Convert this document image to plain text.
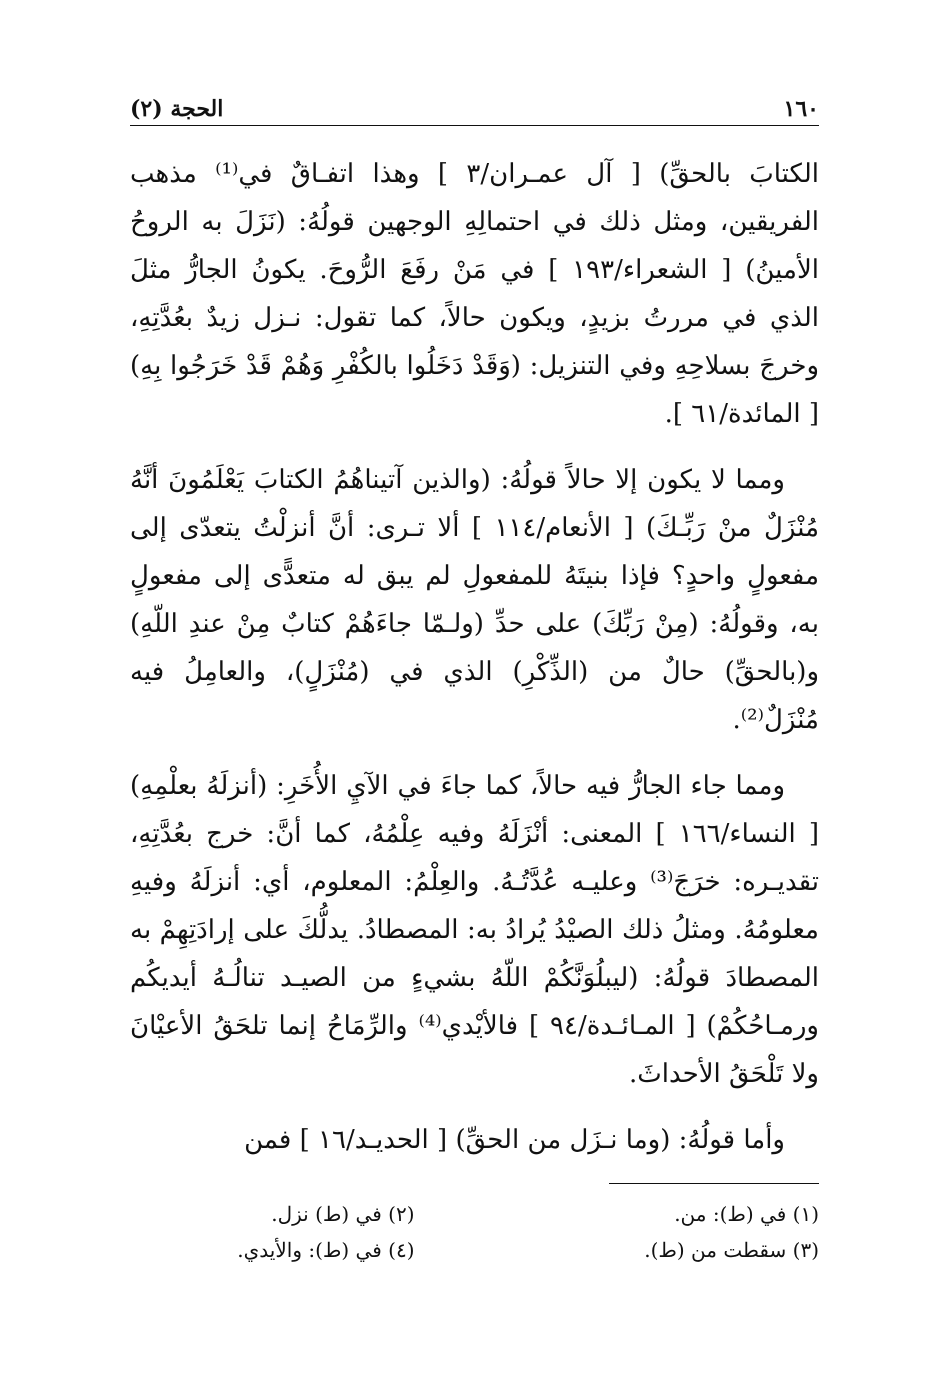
١٦٠
الحجة (٢)

الكتابَ بالحقِّ) [ آل عمـران/٣ ] وهذا اتفـاقٌ في⁽¹⁾ مذهب الفريقين، ومثل ذلك في احتمالِهِ الوجهين قولُهُ: (نَزَلَ به الروحُ الأمينُ) [ الشعراء/١٩٣ ] في مَنْ رفَعَ الرُّوحَ. يكونُ الجارُّ مثلَ الذي في مررتُ بزيدٍ، ويكون حالاً، كما تقول: نـزل زيدٌ بعُدَّتِهِ، وخرجَ بسلاحِهِ وفي التنزيل: (وَقَدْ دَخَلُوا بالكُفْرِ وَهُمْ قَدْ خَرَجُوا بِهِ) [ المائدة/٦١ ].

ومما لا يكون إلا حالاً قولُهُ: (والذين آتيناهُمُ الكتابَ يَعْلَمُونَ أنَّهُ مُنْزَلٌ منْ رَبِّـكَ) [ الأنعام/١١٤ ] ألا تـرى: أنَّ أنزلْتُ يتعدّى إلى مفعولٍ واحدٍ؟ فإذا بنيتَهُ للمفعولِ لم يبق له متعدًّى إلى مفعولٍ به، وقولُهُ: (مِنْ رَبِّكَ) على حدِّ (ولـمّا جاءَهُمْ كتابٌ مِنْ عندِ اللّهِ) و(بالحقِّ) حالٌ من (الذِّكْرِ) الذي في (مُنْزَلٍ)، والعامِلُ فيه مُنْزَلٌ⁽²⁾.

ومما جاء الجارُّ فيه حالاً، كما جاءَ في الآيِ الأُخَرِ: (أنزلَهُ بعلْمِهِ) [ النساء/١٦٦ ] المعنى: أنْزَلَهُ وفيه عِلْمُهُ، كما أنَّ: خرج بعُدَّتِهِ، تقديـره: خرَجَ⁽³⁾ وعليـه عُدَّتُـهُ. والعِلْمُ: المعلوم، أي: أنزلَهُ وفيهِ معلومُهُ. ومثلُ ذلك الصيْدُ يُرادُ به: المصطادُ. يدلُّكَ على إرادَتِهِمْ به المصطادَ قولُهُ: (ليبلُوَنَّكُمْ اللّهُ بشيءٍ من الصيـد تنالُـهُ أيديكُم ورمـاحُكُمْ) [ المـائـدة/٩٤ ] فالأيْدي⁽⁴⁾ والرِّمَاحُ إنما تلحَقُ الأعيْانَ ولا تَلْحَقُ الأحداثَ.

وأما قولُهُ: (وما نـزَل من الحقِّ) [ الحديـد/١٦ ] فمن

(١) في (ط): من.
(٢) في (ط) نزل.
(٣) سقطت من (ط).
(٤) في (ط): والأيدي.
